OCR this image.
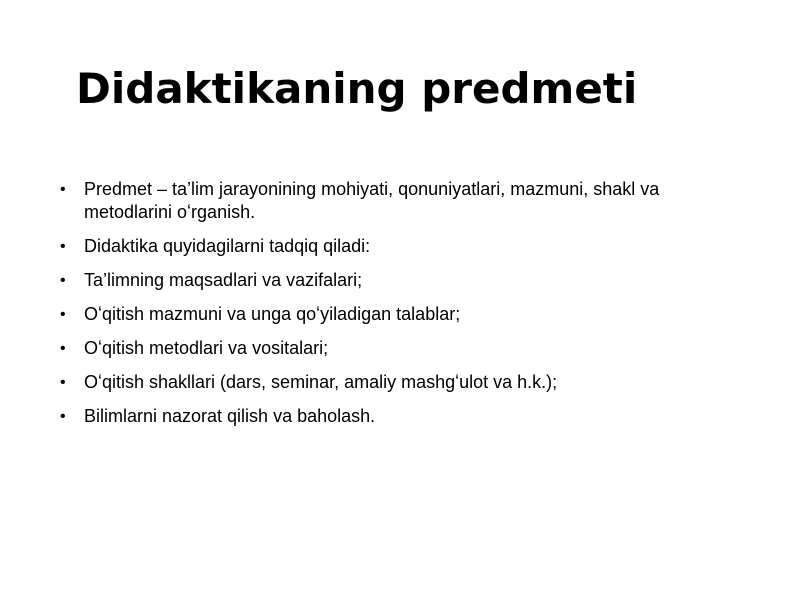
Didaktikaning predmeti
• Predmet – ta’lim jarayonining mohiyati, qonuniyatlari, mazmuni, shakl va metodlarini oʻrganish.
• Didaktika quyidagilarni tadqiq qiladi:
• Ta’limning maqsadlari va vazifalari;
• Oʻqitish mazmuni va unga qoʻyiladigan talablar;
• Oʻqitish metodlari va vositalari;
• Oʻqitish shakllari (dars, seminar, amaliy mashgʻulot va h.k.);
• Bilimlarni nazorat qilish va baholash.
